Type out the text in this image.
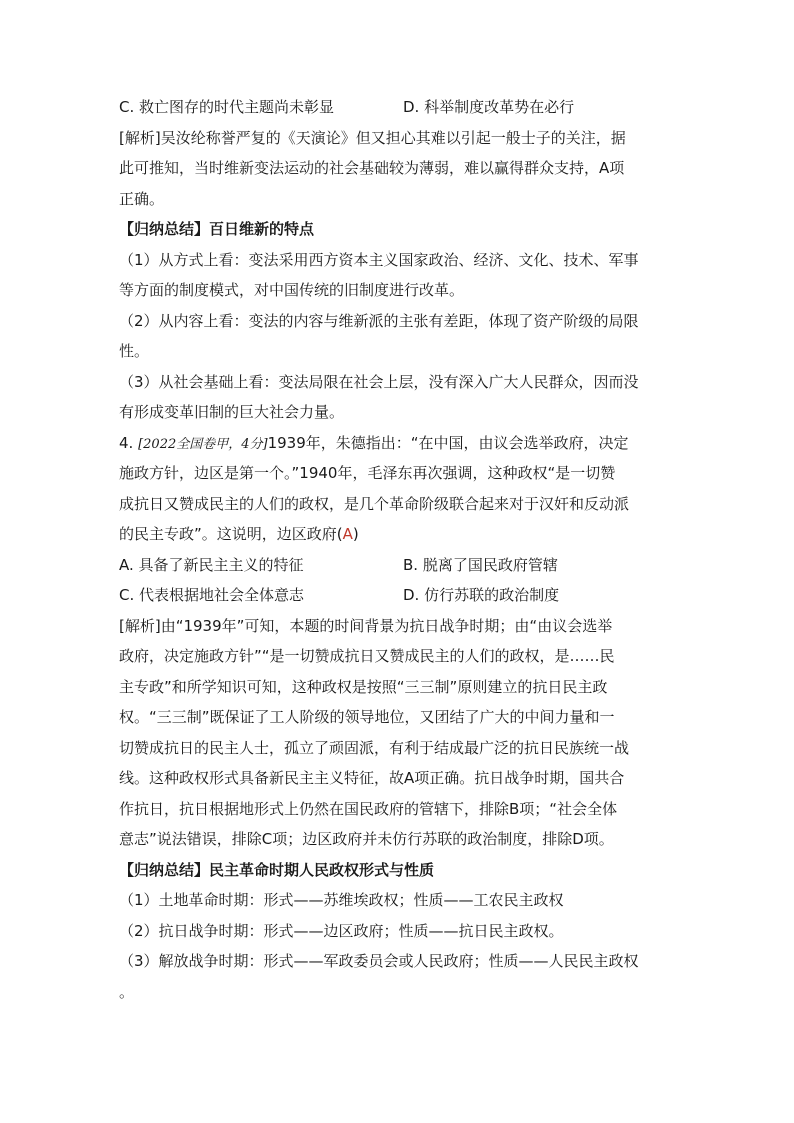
C. 救亡图存的时代主题尚未彰显	D. 科举制度改革势在必行
[解析]吴汝纶称誉严复的《天演论》但又担心其难以引起一般士子的关注，据
此可推知，当时维新变法运动的社会基础较为薄弱，难以赢得群众支持，A项
正确。
【归纳总结】百日维新的特点
（1）从方式上看：变法采用西方资本主义国家政治、经济、文化、技术、军事
等方面的制度模式，对中国传统的旧制度进行改革。
（2）从内容上看：变法的内容与维新派的主张有差距，体现了资产阶级的局限
性。
（3）从社会基础上看：变法局限在社会上层，没有深入广大人民群众，因而没
有形成变革旧制的巨大社会力量。
4. [2022全国卷甲，4分]1939年，朱德指出：“在中国，由议会选举政府，决定
施政方针，边区是第一个。”1940年，毛泽东再次强调，这种政权“是一切赞
成抗日又赞成民主的人们的政权，是几个革命阶级联合起来对于汉奸和反动派
的民主专政”。这说明，边区政府(A)
A. 具备了新民主主义的特征	B. 脱离了国民政府管辖
C. 代表根据地社会全体意志	D. 仿行苏联的政治制度
[解析]由“1939年”可知，本题的时间背景为抗日战争时期；由“由议会选举
政府，决定施政方针”“是一切赞成抗日又赞成民主的人们的政权，是……民
主专政”和所学知识可知，这种政权是按照“三三制”原则建立的抗日民主政
权。“三三制”既保证了工人阶级的领导地位，又团结了广大的中间力量和一
切赞成抗日的民主人士，孤立了顽固派，有利于结成最广泛的抗日民族统一战
线。这种政权形式具备新民主主义特征，故A项正确。抗日战争时期，国共合
作抗日，抗日根据地形式上仍然在国民政府的管辖下，排除B项；“社会全体
意志”说法错误，排除C项；边区政府并未仿行苏联的政治制度，排除D项。
【归纳总结】民主革命时期人民政权形式与性质
（1）土地革命时期：形式——苏维埃政权；性质——工农民主政权
（2）抗日战争时期：形式——边区政府；性质——抗日民主政权。
（3）解放战争时期：形式——军政委员会或人民政府；性质——人民民主政权
。
